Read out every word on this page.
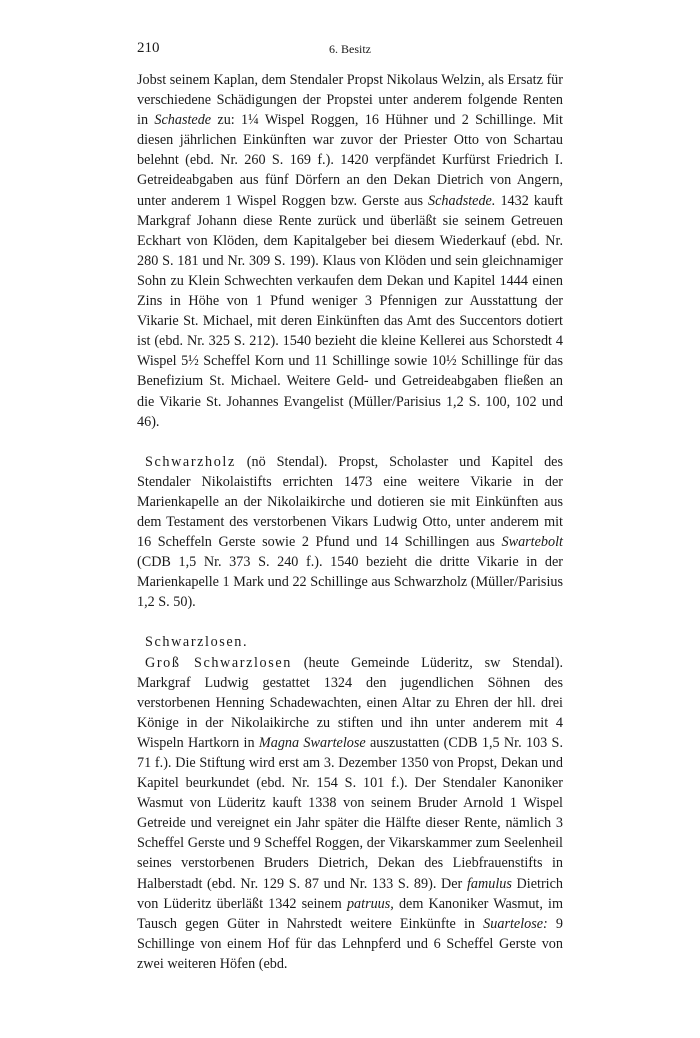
210	6. Besitz

Jobst seinem Kaplan, dem Stendaler Propst Nikolaus Welzin, als Ersatz für verschiedene Schädigungen der Propstei unter anderem folgende Renten in Schastede zu: 1¼ Wispel Roggen, 16 Hühner und 2 Schillinge. Mit diesen jährlichen Einkünften war zuvor der Priester Otto von Schartau belehnt (ebd. Nr. 260 S. 169 f.). 1420 verpfändet Kurfürst Friedrich I. Getreideabgaben aus fünf Dörfern an den Dekan Dietrich von Angern, unter anderem 1 Wispel Roggen bzw. Gerste aus Schadstede. 1432 kauft Markgraf Johann diese Rente zurück und überläßt sie seinem Getreuen Eckhart von Klöden, dem Kapitalgeber bei diesem Wiederkauf (ebd. Nr. 280 S. 181 und Nr. 309 S. 199). Klaus von Klöden und sein gleichnamiger Sohn zu Klein Schwechten verkaufen dem Dekan und Kapitel 1444 einen Zins in Höhe von 1 Pfund weniger 3 Pfennigen zur Ausstattung der Vikarie St. Michael, mit deren Einkünften das Amt des Succentors dotiert ist (ebd. Nr. 325 S. 212). 1540 bezieht die kleine Kellerei aus Schorstedt 4 Wispel 5½ Scheffel Korn und 11 Schillinge sowie 10½ Schillinge für das Benefizium St. Michael. Weitere Geld- und Getreideabgaben fließen an die Vikarie St. Johannes Evangelist (Müller/Parisius 1,2 S. 100, 102 und 46).

Schwarzholz (nö Stendal). Propst, Scholaster und Kapitel des Stendaler Nikolaistifts errichten 1473 eine weitere Vikarie in der Marienkapelle an der Nikolaikirche und dotieren sie mit Einkünften aus dem Testament des verstorbenen Vikars Ludwig Otto, unter anderem mit 16 Scheffeln Gerste sowie 2 Pfund und 14 Schillingen aus Swartebolt (CDB 1,5 Nr. 373 S. 240 f.). 1540 bezieht die dritte Vikarie in der Marienkapelle 1 Mark und 22 Schillinge aus Schwarzholz (Müller/Parisius 1,2 S. 50).

Schwarzlosen.

Groß Schwarzlosen (heute Gemeinde Lüderitz, sw Stendal). Markgraf Ludwig gestattet 1324 den jugendlichen Söhnen des verstorbenen Henning Schadewachten, einen Altar zu Ehren der hll. drei Könige in der Nikolaikirche zu stiften und ihn unter anderem mit 4 Wispeln Hartkorn in Magna Swartelose auszustatten (CDB 1,5 Nr. 103 S. 71 f.). Die Stiftung wird erst am 3. Dezember 1350 von Propst, Dekan und Kapitel beurkundet (ebd. Nr. 154 S. 101 f.). Der Stendaler Kanoniker Wasmut von Lüderitz kauft 1338 von seinem Bruder Arnold 1 Wispel Getreide und vereignet ein Jahr später die Hälfte dieser Rente, nämlich 3 Scheffel Gerste und 9 Scheffel Roggen, der Vikarskammer zum Seelenheil seines verstorbenen Bruders Dietrich, Dekan des Liebfrauenstifts in Halberstadt (ebd. Nr. 129 S. 87 und Nr. 133 S. 89). Der famulus Dietrich von Lüderitz überläßt 1342 seinem patruus, dem Kanoniker Wasmut, im Tausch gegen Güter in Nahrstedt weitere Einkünfte in Suartelose: 9 Schillinge von einem Hof für das Lehnpferd und 6 Scheffel Gerste von zwei weiteren Höfen (ebd.
